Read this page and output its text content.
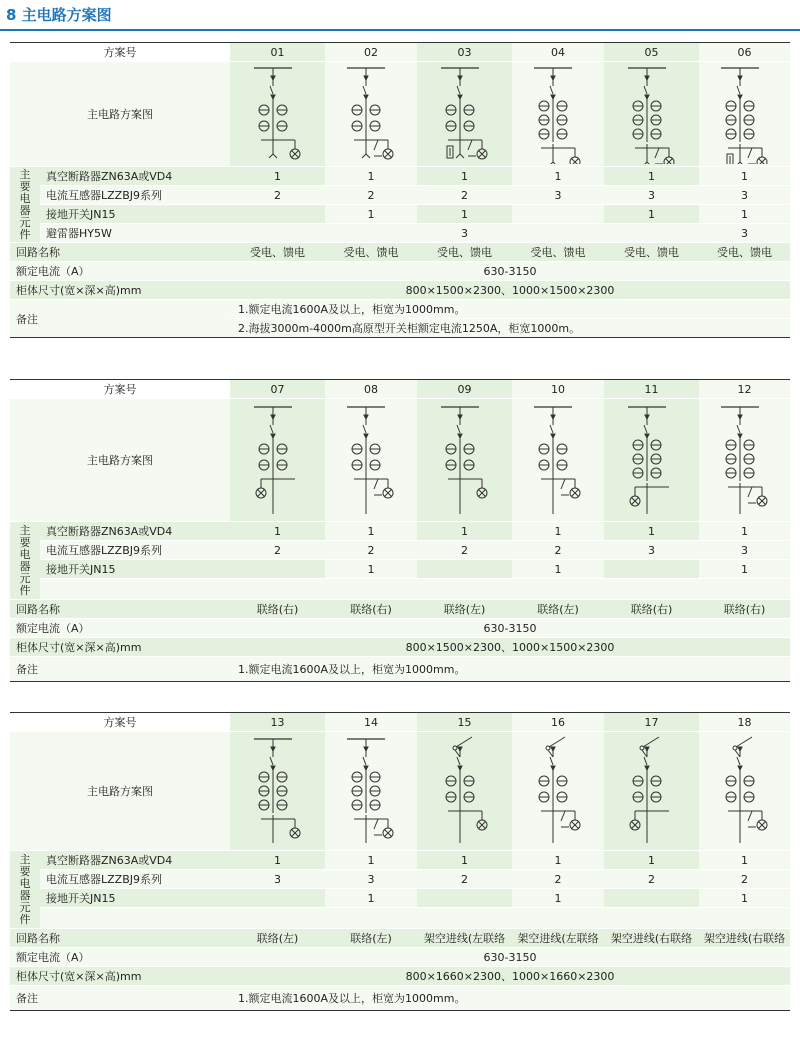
8 主电路方案图
方案号		01	02	03	04	05	06
主电路方案图	

主要电器元件	真空断路器ZN63A或VD4	1	1	1	1	1	1
	电流互感器LZZBJ9系列	2	2	2	3	3	3
	接地开关JN15		1	1		1	1
	避雷器HY5W			3			3
回路名称		受电、馈电	受电、馈电	受电、馈电	受电、馈电	受电、馈电	受电、馈电
额定电流（A）		630-3150					
柜体尺寸(宽×深×高)mm		800×1500×2300、1000×1500×2300					
备注		1.额定电流1600A及以上，柜宽为1000mm。					
		2.海拔3000m-4000m高原型开关柜额定电流1250A，柜宽1000m。					
方案号		07	08	09	10	11	12
主电路方案图	

主要电器元件	真空断路器ZN63A或VD4	1	1	1	1	1	1
	电流互感器LZZBJ9系列	2	2	2	2	3	3
	接地开关JN15		1		1		1

回路名称		联络(右)	联络(右)	联络(左)	联络(左)	联络(右)	联络(右)
额定电流（A）		630-3150					
柜体尺寸(宽×深×高)mm		800×1500×2300、1000×1500×2300					
备注		1.额定电流1600A及以上，柜宽为1000mm。					
方案号		13	14	15	16	17	18
主电路方案图	

主要电器元件	真空断路器ZN63A或VD4	1	1	1	1	1	1
	电流互感器LZZBJ9系列	3	3	2	2	2	2
	接地开关JN15		1		1		1

回路名称		联络(左)	联络(左)	架空进线(左联络	架空进线(左联络	架空进线(右联络	架空进线(右联络
额定电流（A）		630-3150					
柜体尺寸(宽×深×高)mm		800×1660×2300、1000×1660×2300					
备注		1.额定电流1600A及以上，柜宽为1000mm。					
